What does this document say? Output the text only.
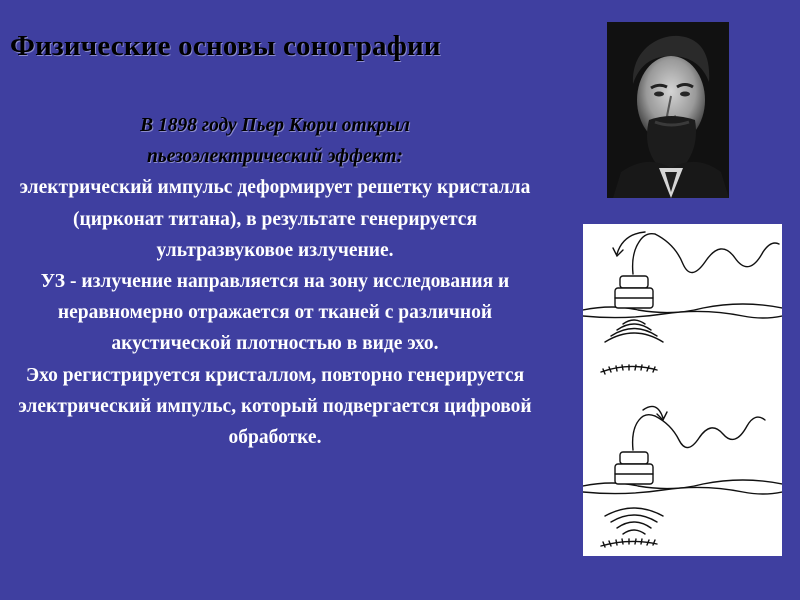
Физические основы сонографии
В 1898 году Пьер Кюри открыл
пьезоэлектрический эффект:

электрический импульс деформирует решетку кристалла (цирконат титана), в результате генерируется ультразвуковое излучение.

УЗ - излучение направляется на зону исследования и неравномерно отражается от тканей с различной акустической плотностью в виде эхо.

Эхо регистрируется кристаллом, повторно генерируется электрический импульс, который подвергается цифровой обработке.
